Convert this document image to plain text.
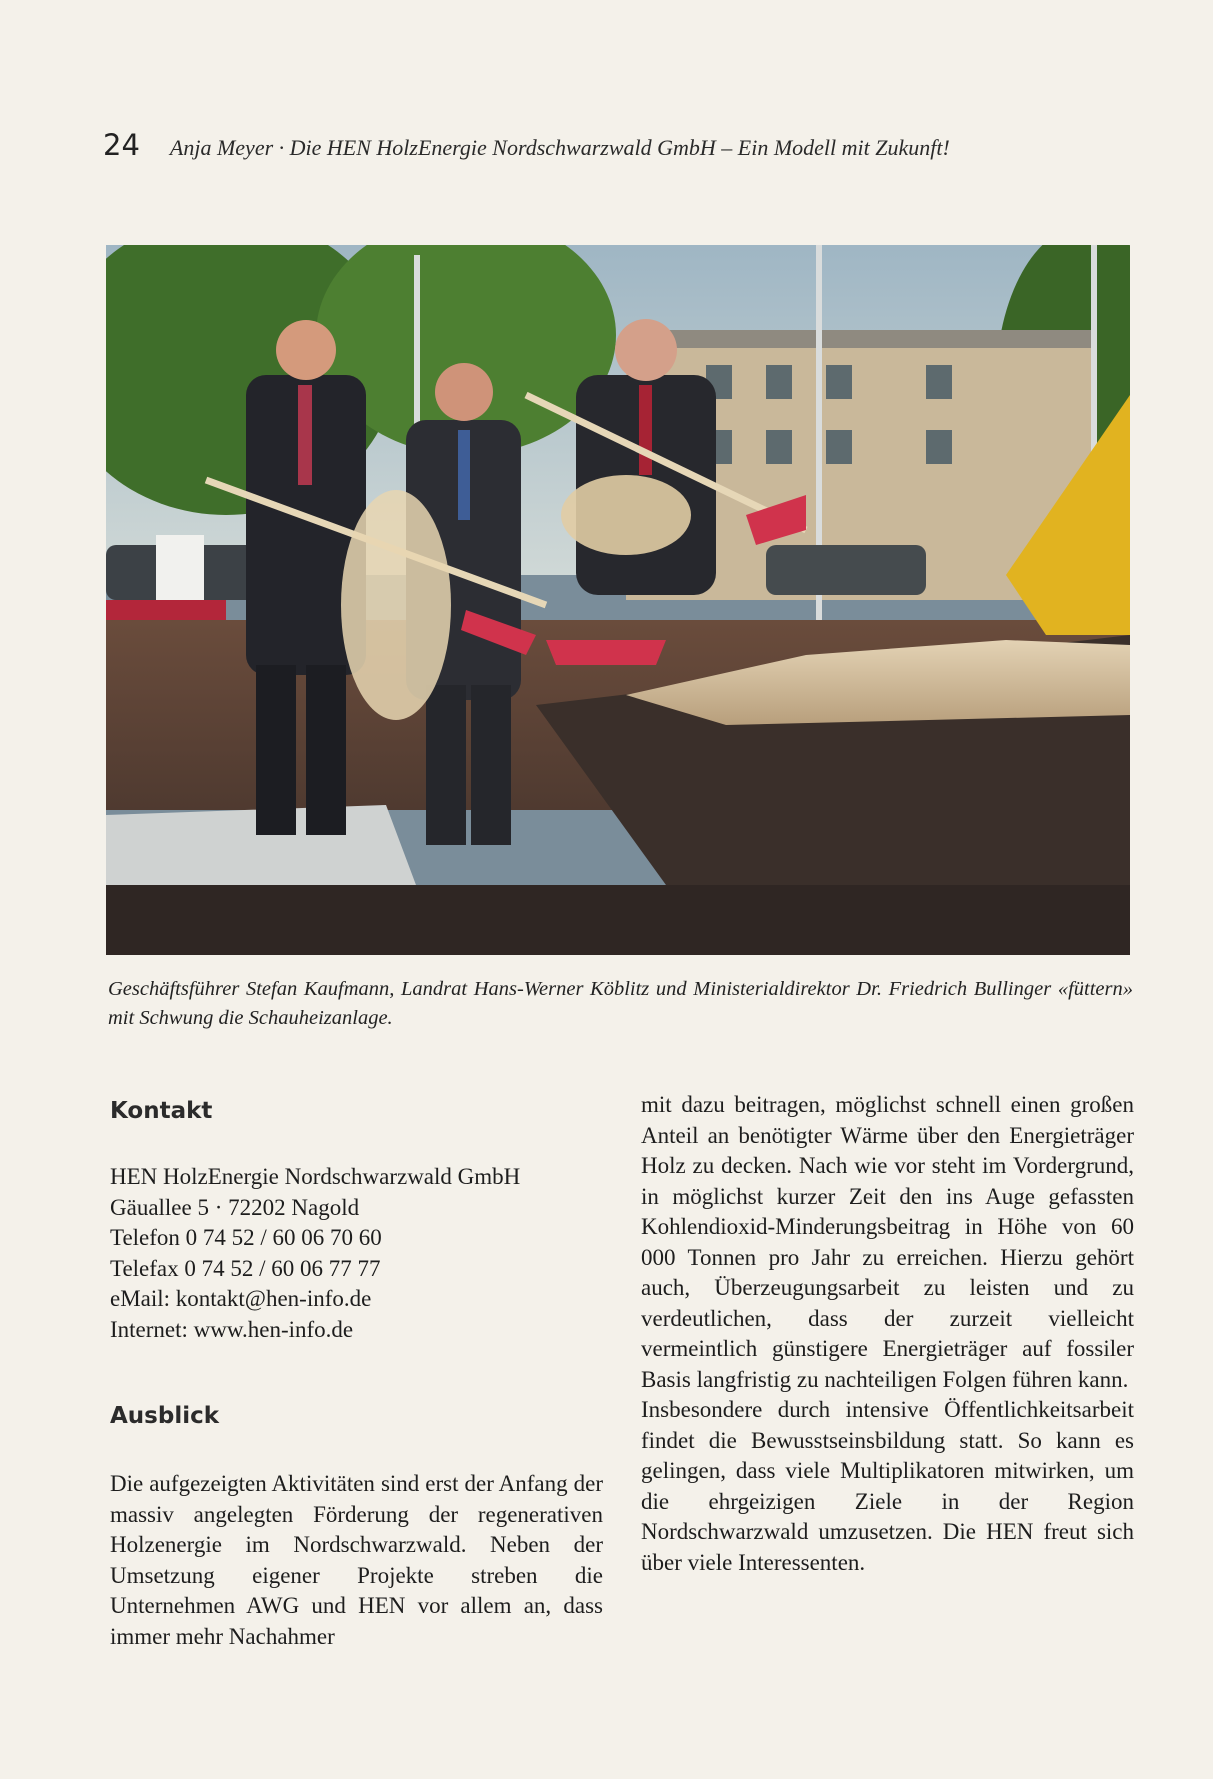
24 Anja Meyer · Die HEN HolzEnergie Nordschwarzwald GmbH – Ein Modell mit Zukunft!
Geschäftsführer Stefan Kaufmann, Landrat Hans-Werner Köblitz und Ministerialdirektor Dr. Friedrich Bullinger «füttern» mit Schwung die Schauheizanlage.
Kontakt
HEN HolzEnergie Nordschwarzwald GmbH
Gäuallee 5 · 72202 Nagold
Telefon 0 74 52 / 60 06 70 60
Telefax 0 74 52 / 60 06 77 77
eMail: kontakt@hen-info.de
Internet: www.hen-info.de
Ausblick

Die aufgezeigten Aktivitäten sind erst der Anfang der massiv angelegten Förderung der regenerativen Holzenergie im Nordschwarzwald. Neben der Umsetzung eigener Projekte streben die Unternehmen AWG und HEN vor allem an, dass immer mehr Nachahmer

mit dazu beitragen, möglichst schnell einen großen Anteil an benötigter Wärme über den Energieträger Holz zu decken. Nach wie vor steht im Vordergrund, in möglichst kurzer Zeit den ins Auge gefassten Kohlendioxid-Minderungsbeitrag in Höhe von 60 000 Tonnen pro Jahr zu erreichen. Hierzu gehört auch, Überzeugungsarbeit zu leisten und zu verdeutlichen, dass der zurzeit vielleicht vermeintlich günstigere Energieträger auf fossiler Basis langfristig zu nachteiligen Folgen führen kann.

Insbesondere durch intensive Öffentlichkeitsarbeit findet die Bewusstseinsbildung statt. So kann es gelingen, dass viele Multiplikatoren mitwirken, um die ehrgeizigen Ziele in der Region Nordschwarzwald umzusetzen. Die HEN freut sich über viele Interessenten.
